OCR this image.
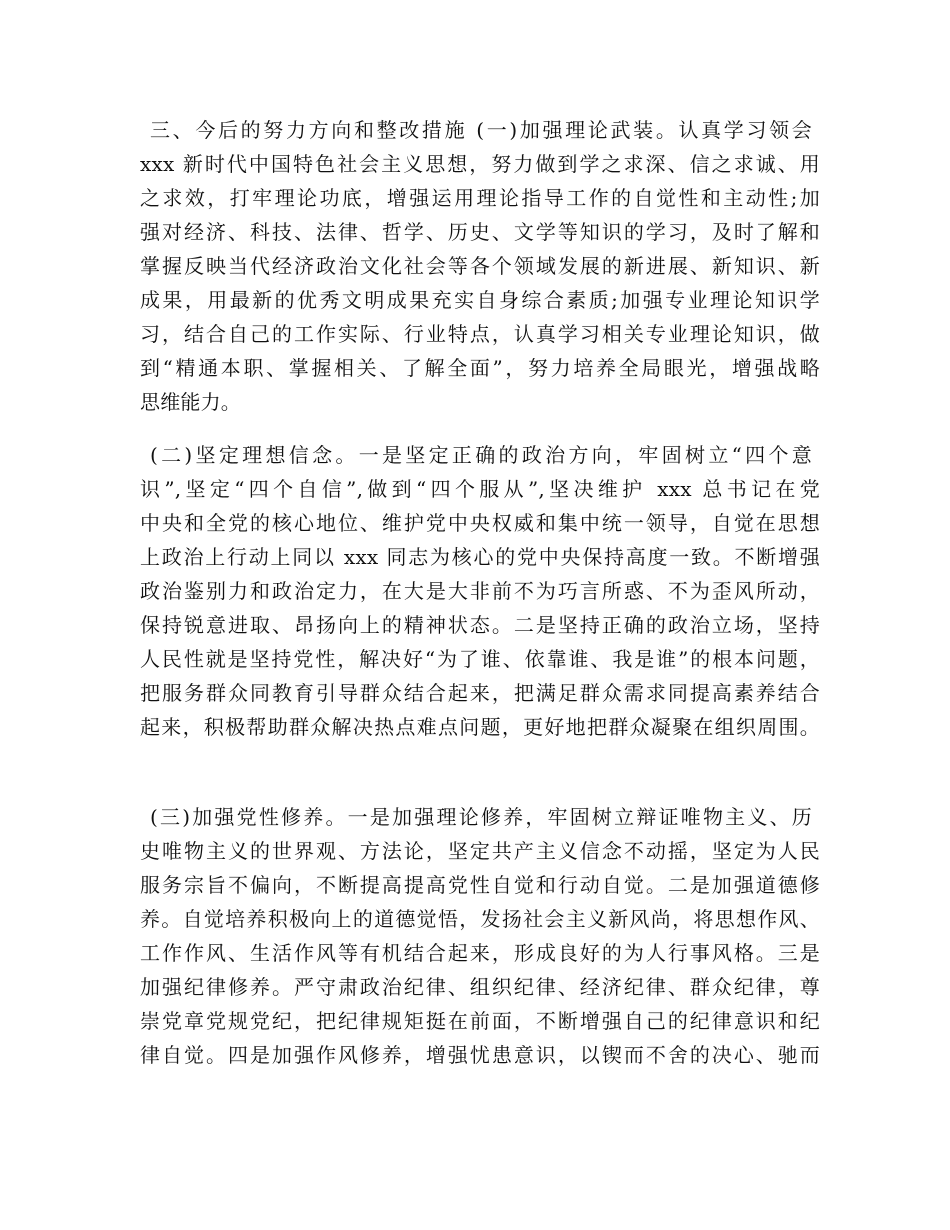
三、今后的努力方向和整改措施 (一)加强理论武装。认真学习领会
xxx 新时代中国特色社会主义思想，努力做到学之求深、信之求诚、用
之求效，打牢理论功底，增强运用理论指导工作的自觉性和主动性;加
强对经济、科技、法律、哲学、历史、文学等知识的学习，及时了解和
掌握反映当代经济政治文化社会等各个领域发展的新进展、新知识、新
成果，用最新的优秀文明成果充实自身综合素质;加强专业理论知识学
习，结合自己的工作实际、行业特点，认真学习相关专业理论知识，做
到“精通本职、掌握相关、了解全面”，努力培养全局眼光，增强战略
思维能力。
(二)坚定理想信念。一是坚定正确的政治方向，牢固树立“四个意
识”,坚定“四个自信”,做到“四个服从”,坚决维护 xxx 总书记在党
中央和全党的核心地位、维护党中央权威和集中统一领导，自觉在思想
上政治上行动上同以 xxx 同志为核心的党中央保持高度一致。不断增强
政治鉴别力和政治定力，在大是大非前不为巧言所惑、不为歪风所动，
保持锐意进取、昂扬向上的精神状态。二是坚持正确的政治立场，坚持
人民性就是坚持党性，解决好“为了谁、依靠谁、我是谁”的根本问题，
把服务群众同教育引导群众结合起来，把满足群众需求同提高素养结合
起来，积极帮助群众解决热点难点问题，更好地把群众凝聚在组织周围。
(三)加强党性修养。一是加强理论修养，牢固树立辩证唯物主义、历
史唯物主义的世界观、方法论，坚定共产主义信念不动摇，坚定为人民
服务宗旨不偏向，不断提高提高党性自觉和行动自觉。二是加强道德修
养。自觉培养积极向上的道德觉悟，发扬社会主义新风尚，将思想作风、
工作作风、生活作风等有机结合起来，形成良好的为人行事风格。三是
加强纪律修养。严守肃政治纪律、组织纪律、经济纪律、群众纪律，尊
崇党章党规党纪，把纪律规矩挺在前面，不断增强自己的纪律意识和纪
律自觉。四是加强作风修养，增强忧患意识，以锲而不舍的决心、驰而
